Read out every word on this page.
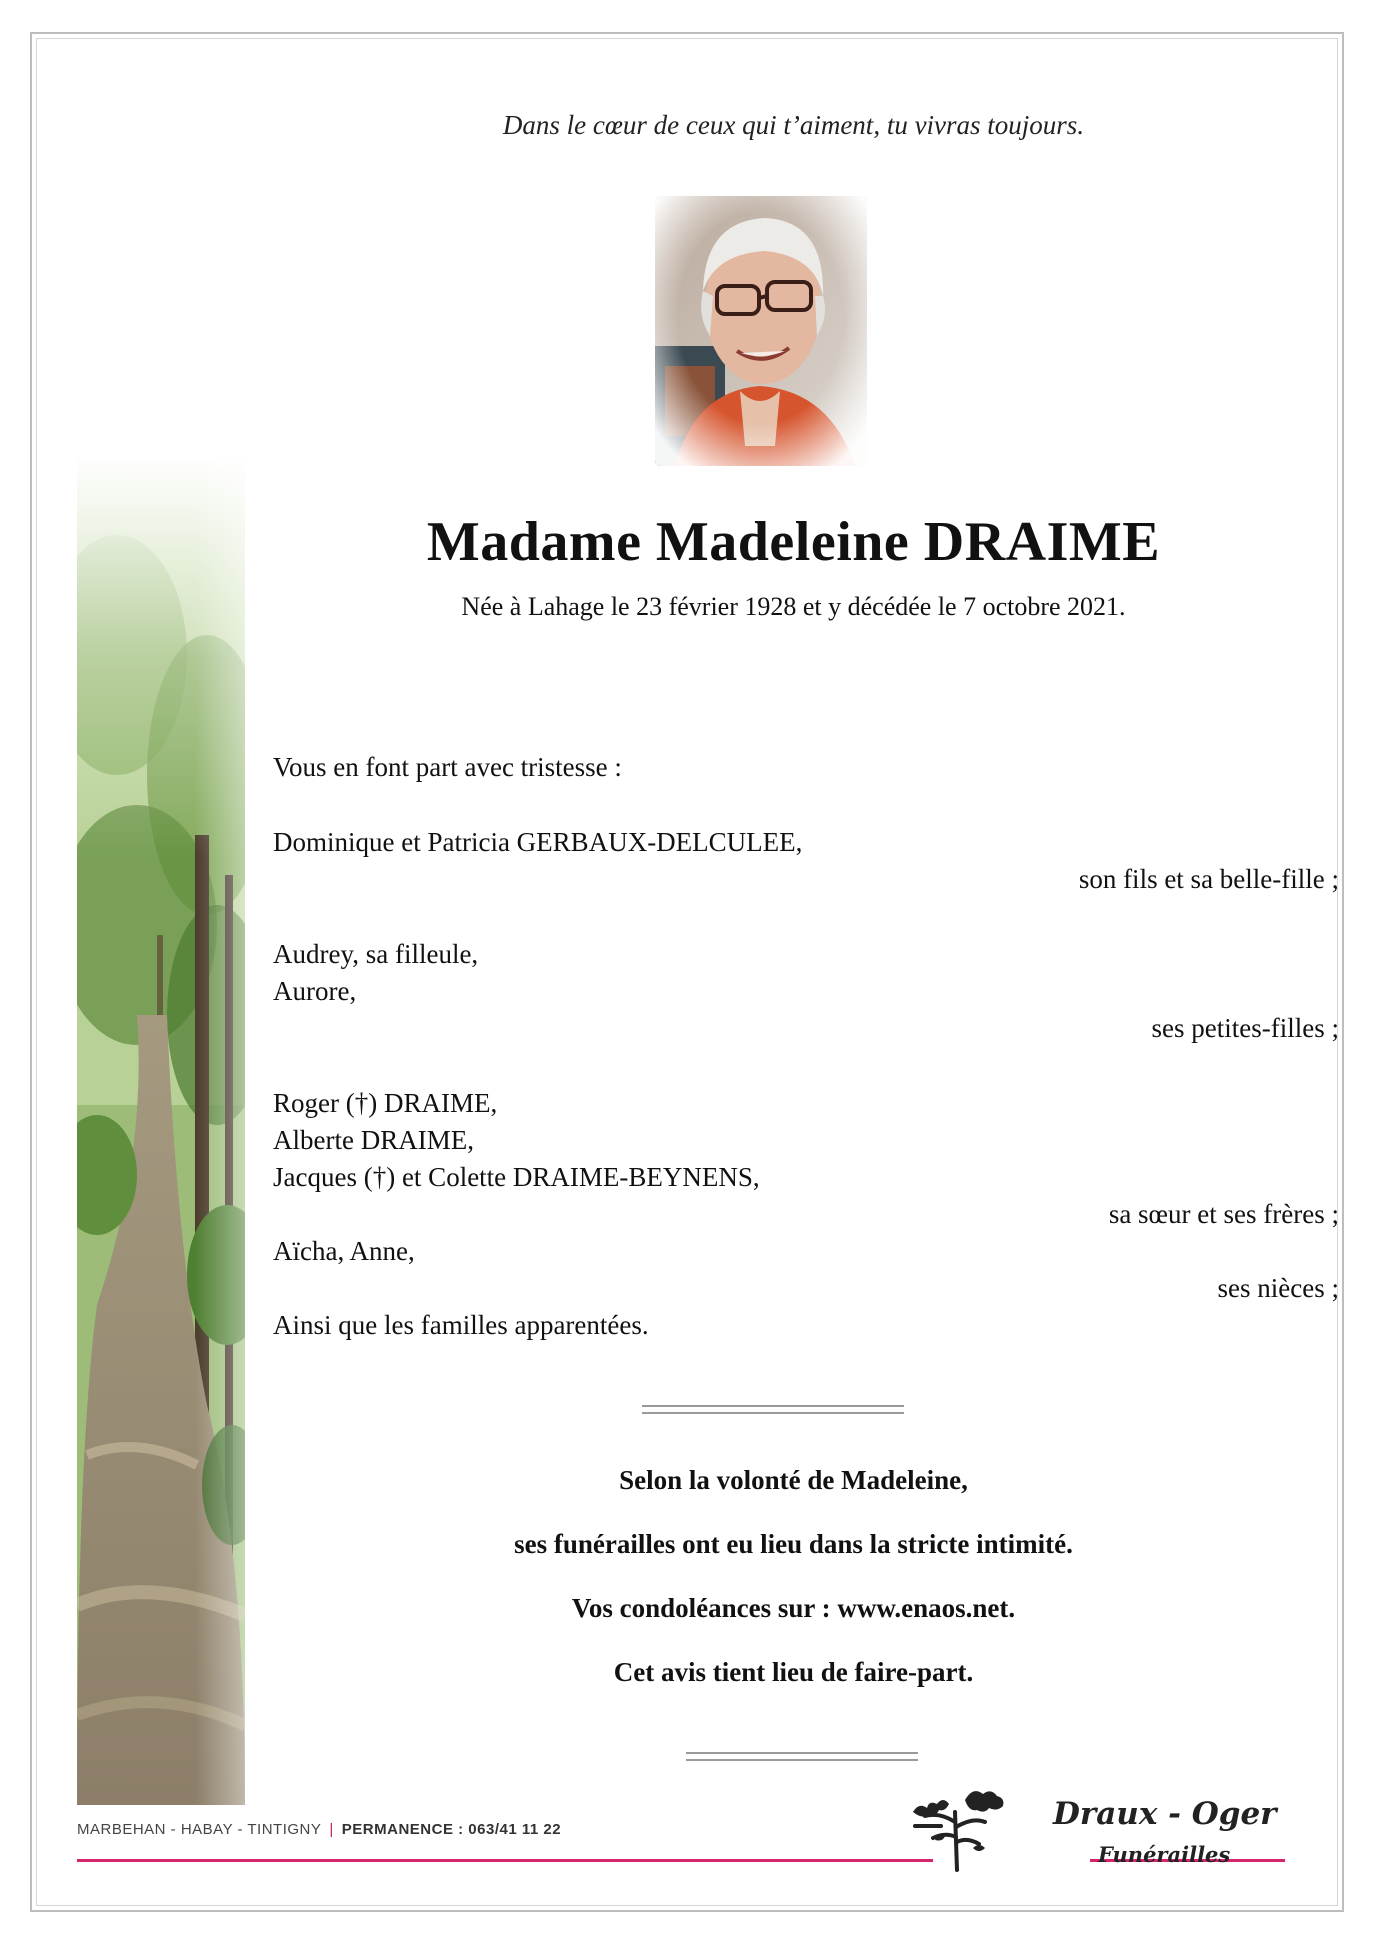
Dans le cœur de ceux qui t’aiment, tu vivras toujours.
Madame Madeleine DRAIME
Née à Lahage le 23 février 1928 et y décédée le 7 octobre 2021.
Vous en font part avec tristesse :
Dominique et Patricia GERBAUX-DELCULEE,
son fils et sa belle-fille ;
Audrey, sa filleule,
Aurore,
ses petites-filles ;
Roger (†) DRAIME,
Alberte DRAIME,
Jacques (†) et Colette DRAIME-BEYNENS,
sa sœur et ses frères ;
Aïcha, Anne,
ses nièces ;
Ainsi que les familles apparentées.
Selon la volonté de Madeleine,
ses funérailles ont eu lieu dans la stricte intimité.
Vos condoléances sur : www.enaos.net.
Cet avis tient lieu de faire-part.
MARBEHAN - HABAY - TINTIGNY | PERMANENCE : 063/41 11 22	Draux - Oger
Funérailles
